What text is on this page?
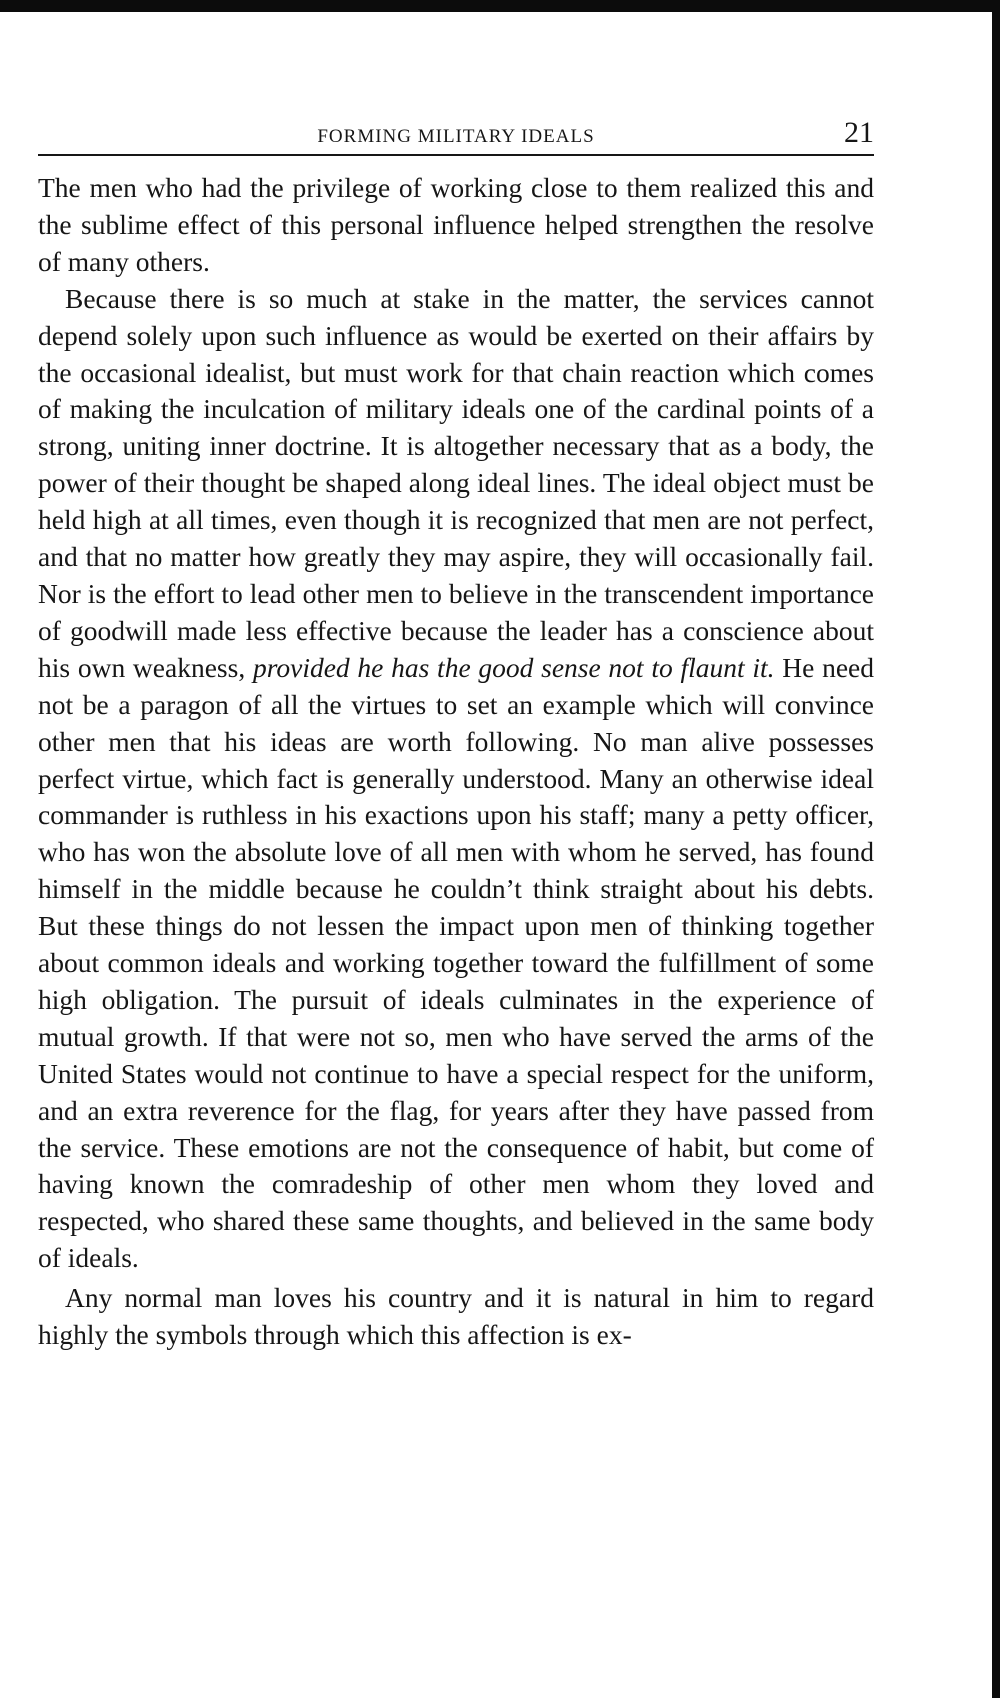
FORMING MILITARY IDEALS	21

The men who had the privilege of working close to them realized this and the sublime effect of this personal influence helped strengthen the resolve of many others.

Because there is so much at stake in the matter, the services cannot depend solely upon such influence as would be exerted on their affairs by the occasional idealist, but must work for that chain reaction which comes of making the inculcation of military ideals one of the cardinal points of a strong, uniting inner doctrine. It is altogether necessary that as a body, the power of their thought be shaped along ideal lines. The ideal object must be held high at all times, even though it is recognized that men are not perfect, and that no matter how greatly they may aspire, they will occasionally fail. Nor is the effort to lead other men to believe in the transcendent importance of goodwill made less effective because the leader has a conscience about his own weakness, provided he has the good sense not to flaunt it. He need not be a paragon of all the virtues to set an example which will convince other men that his ideas are worth following. No man alive possesses perfect virtue, which fact is generally understood. Many an otherwise ideal commander is ruthless in his exactions upon his staff; many a petty officer, who has won the absolute love of all men with whom he served, has found himself in the middle because he couldn’t think straight about his debts. But these things do not lessen the impact upon men of thinking together about common ideals and working together toward the fulfillment of some high obligation. The pursuit of ideals culminates in the experience of mutual growth. If that were not so, men who have served the arms of the United States would not continue to have a special respect for the uniform, and an extra reverence for the flag, for years after they have passed from the service. These emotions are not the consequence of habit, but come of having known the comradeship of other men whom they loved and respected, who shared these same thoughts, and believed in the same body of ideals.

Any normal man loves his country and it is natural in him to regard highly the symbols through which this affection is ex-
